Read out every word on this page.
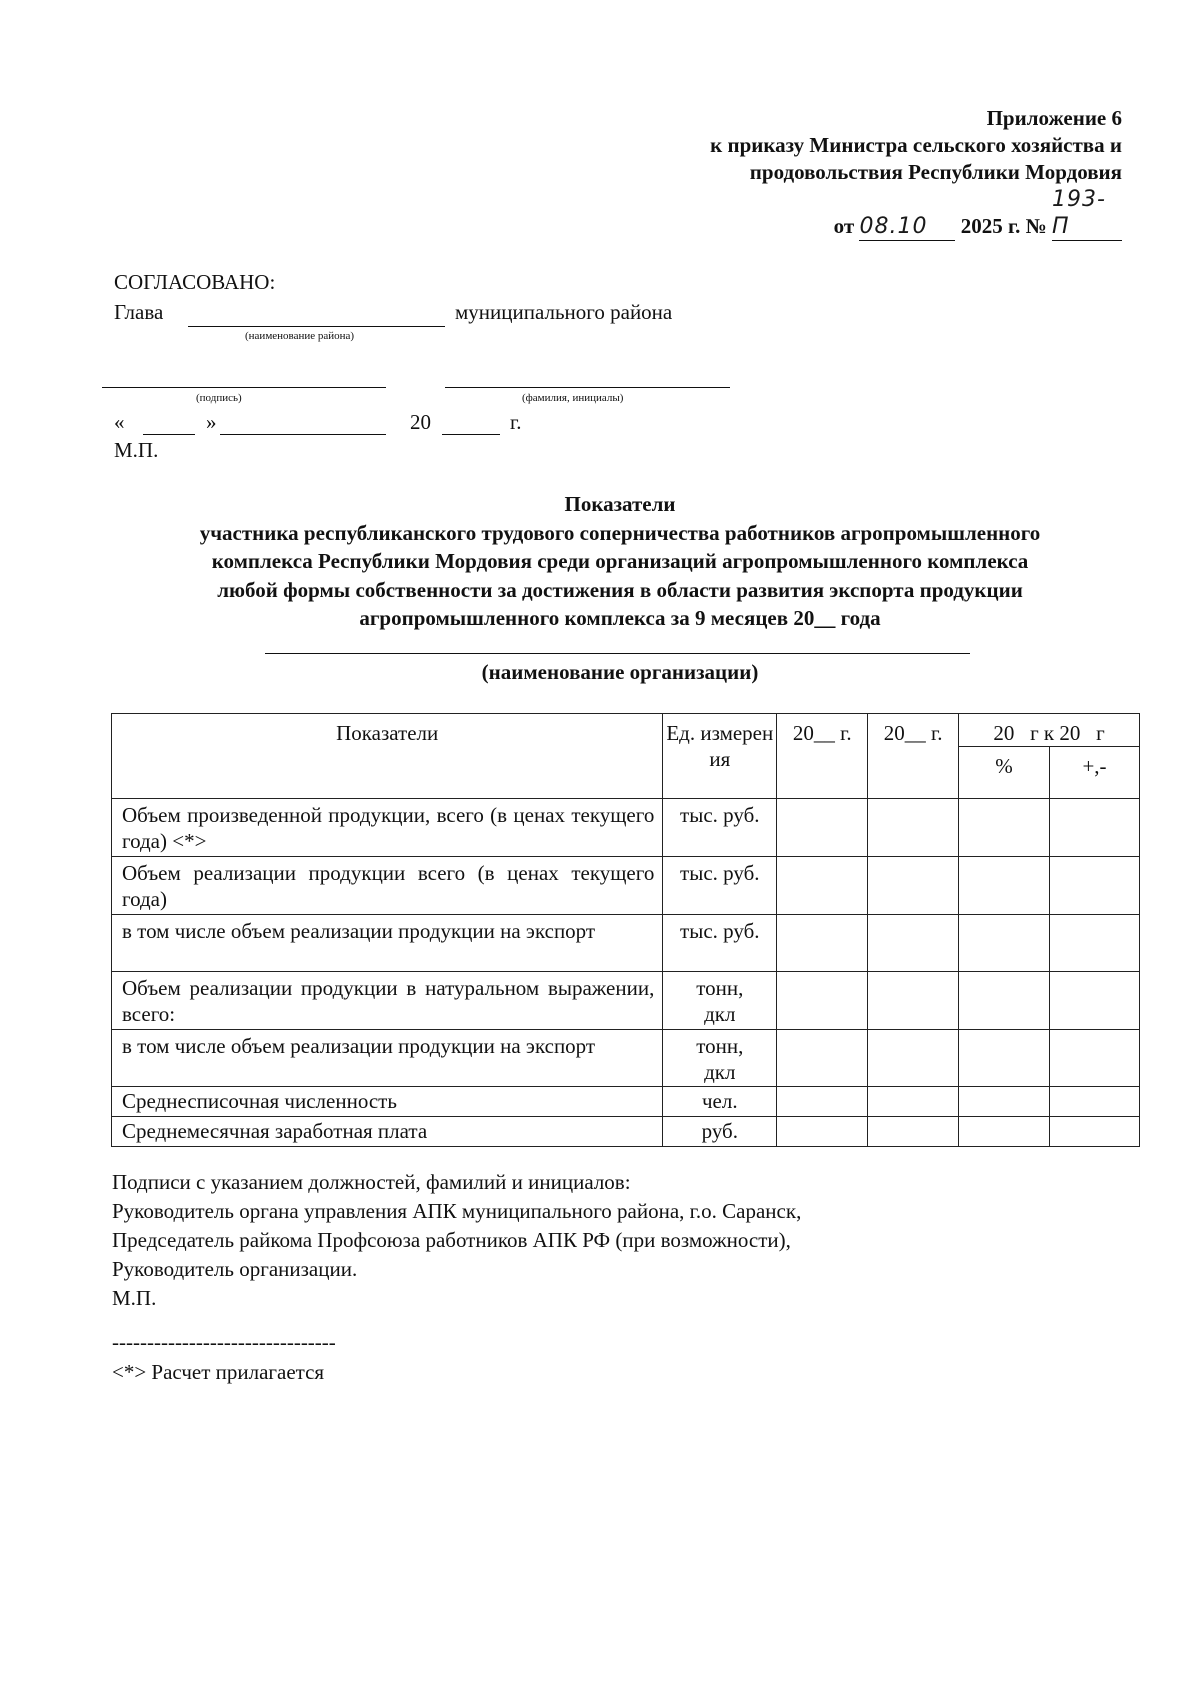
Приложение 6
к приказу Министра сельского хозяйства и
продовольствия Республики Мордовия
от 08.10 2025 г. № 193-П
СОГЛАСОВАНО:
Глава	муниципального района
(наименование района)
(подпись)	(фамилия, инициалы)
«	»	20	г.
М.П.
Показатели
участника республиканского трудового соперничества работников агропромышленного
комплекса Республики Мордовия среди организаций агропромышленного комплекса
любой формы собственности за достижения в области развития экспорта продукции
агропромышленного комплекса за 9 месяцев 20__ года
(наименование организации)
Показатели	Ед. измерен ия	20__ г.	20__ г.	20   г к 20   г	
				%	+,-
Объем произведенной продукции, всего (в ценах текущего года) <*>	тыс. руб.				
Объем реализации продукции всего (в ценах текущего года)	тыс. руб.				
в том числе объем реализации продукции на экспорт	тыс. руб.				
Объем реализации продукции в натуральном выражении, всего:	тонн, дкл				
в том числе объем реализации продукции на экспорт	тонн, дкл				
Среднесписочная численность	чел.				
Среднемесячная заработная плата	руб.				

Подписи с указанием должностей, фамилий и инициалов:

Руководитель органа управления АПК муниципального района, г.о. Саранск,

Председатель райкома Профсоюза работников АПК РФ (при возможности),

Руководитель организации.

М.П.

--------------------------------
<*> Расчет прилагается
